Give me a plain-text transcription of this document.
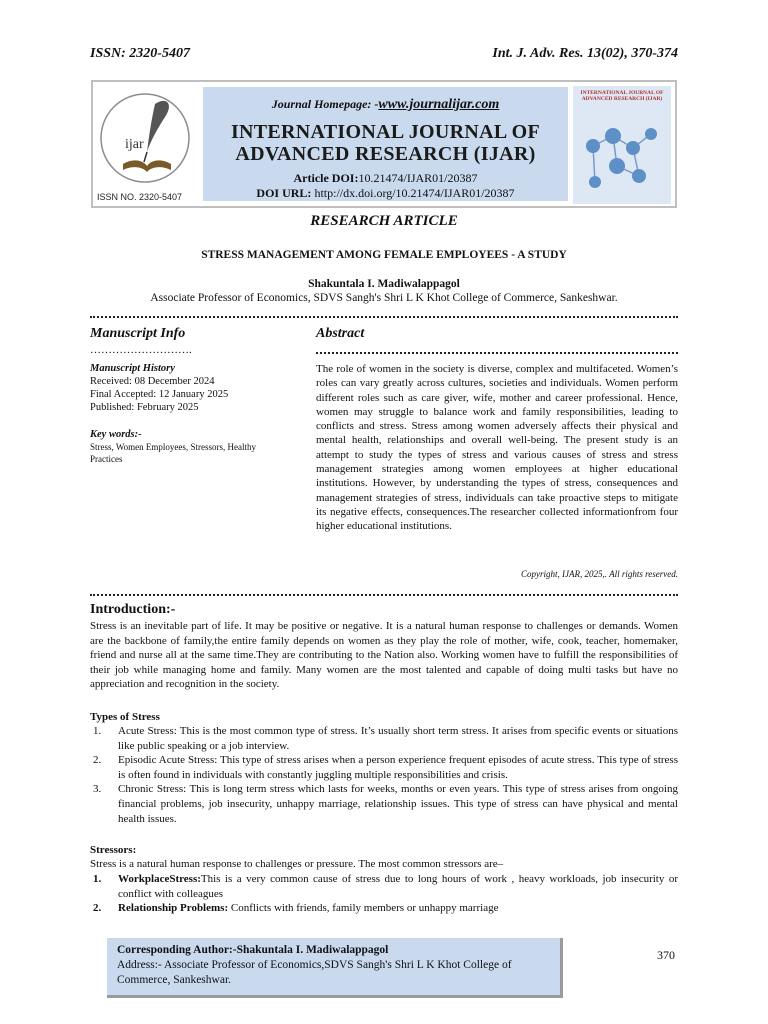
ISSN: 2320-5407	Int. J. Adv. Res. 13(02), 370-374
ijar
ISSN NO. 2320-5407
Journal Homepage: -www.journalijar.com
INTERNATIONAL JOURNAL OF
ADVANCED RESEARCH (IJAR)
Article DOI:10.21474/IJAR01/20387
DOI URL: http://dx.doi.org/10.21474/IJAR01/20387
INTERNATIONAL JOURNAL OF ADVANCED RESEARCH (IJAR)
RESEARCH ARTICLE
STRESS MANAGEMENT AMONG FEMALE EMPLOYEES - A STUDY
Shakuntala I. Madiwalappagol
Associate Professor of Economics, SDVS Sangh's Shri L K Khot College of Commerce, Sankeshwar.
Manuscript Info
……………………….
Manuscript History
Received: 08 December 2024
Final Accepted: 12 January 2025
Published: February 2025
Key words:-
Stress, Women Employees, Stressors, Healthy Practices
Abstract
The role of women in the society is diverse, complex and multifaceted. Women’s roles can vary greatly across cultures, societies and individuals. Women perform different roles such as care giver, wife, mother and career professional. Hence, women may struggle to balance work and family responsibilities, leading to conflicts and stress. Stress among women adversely affects their physical and mental health, relationships and overall well-being. The present study is an attempt to study the types of stress and various causes of stress and stress management strategies among women employees at higher educational institutions. However, by understanding the types of stress, consequences and management strategies of stress, individuals can take proactive steps to mitigate its negative effects, consequences.The researcher collected informationfrom four higher educational institutions.
Copyright, IJAR, 2025,. All rights reserved.
Introduction:-
Stress is an inevitable part of life. It may be positive or negative. It is a natural human response to challenges or demands. Women are the backbone of family,the entire family depends on women as they play the role of mother, wife, cook, teacher, homemaker, friend and nurse all at the same time.They are contributing to the Nation also. Working women have to fulfill the responsibilities of their job while managing home and family. Many women are the most talented and capable of doing multi tasks but have no appreciation and recognition in the society.
Types of Stress
1. Acute Stress: This is the most common type of stress. It’s usually short term stress. It arises from specific events or situations like public speaking or a job interview.
2. Episodic Acute Stress: This type of stress arises when a person experience frequent episodes of acute stress. This type of stress is often found in individuals with constantly juggling multiple responsibilities and crisis.
3. Chronic Stress: This is long term stress which lasts for weeks, months or even years. This type of stress arises from ongoing financial problems, job insecurity, unhappy marriage, relationship issues. This type of stress can have physical and mental health issues.
Stressors:
Stress is a natural human response to challenges or pressure. The most common stressors are–
1. WorkplaceStress:This is a very common cause of stress due to long hours of work , heavy workloads, job insecurity or conflict with colleagues
2. Relationship Problems: Conflicts with friends, family members or unhappy marriage
Corresponding Author:-Shakuntala I. Madiwalappagol
Address:- Associate Professor of Economics,SDVS Sangh's Shri L K Khot College of Commerce, Sankeshwar.
370
